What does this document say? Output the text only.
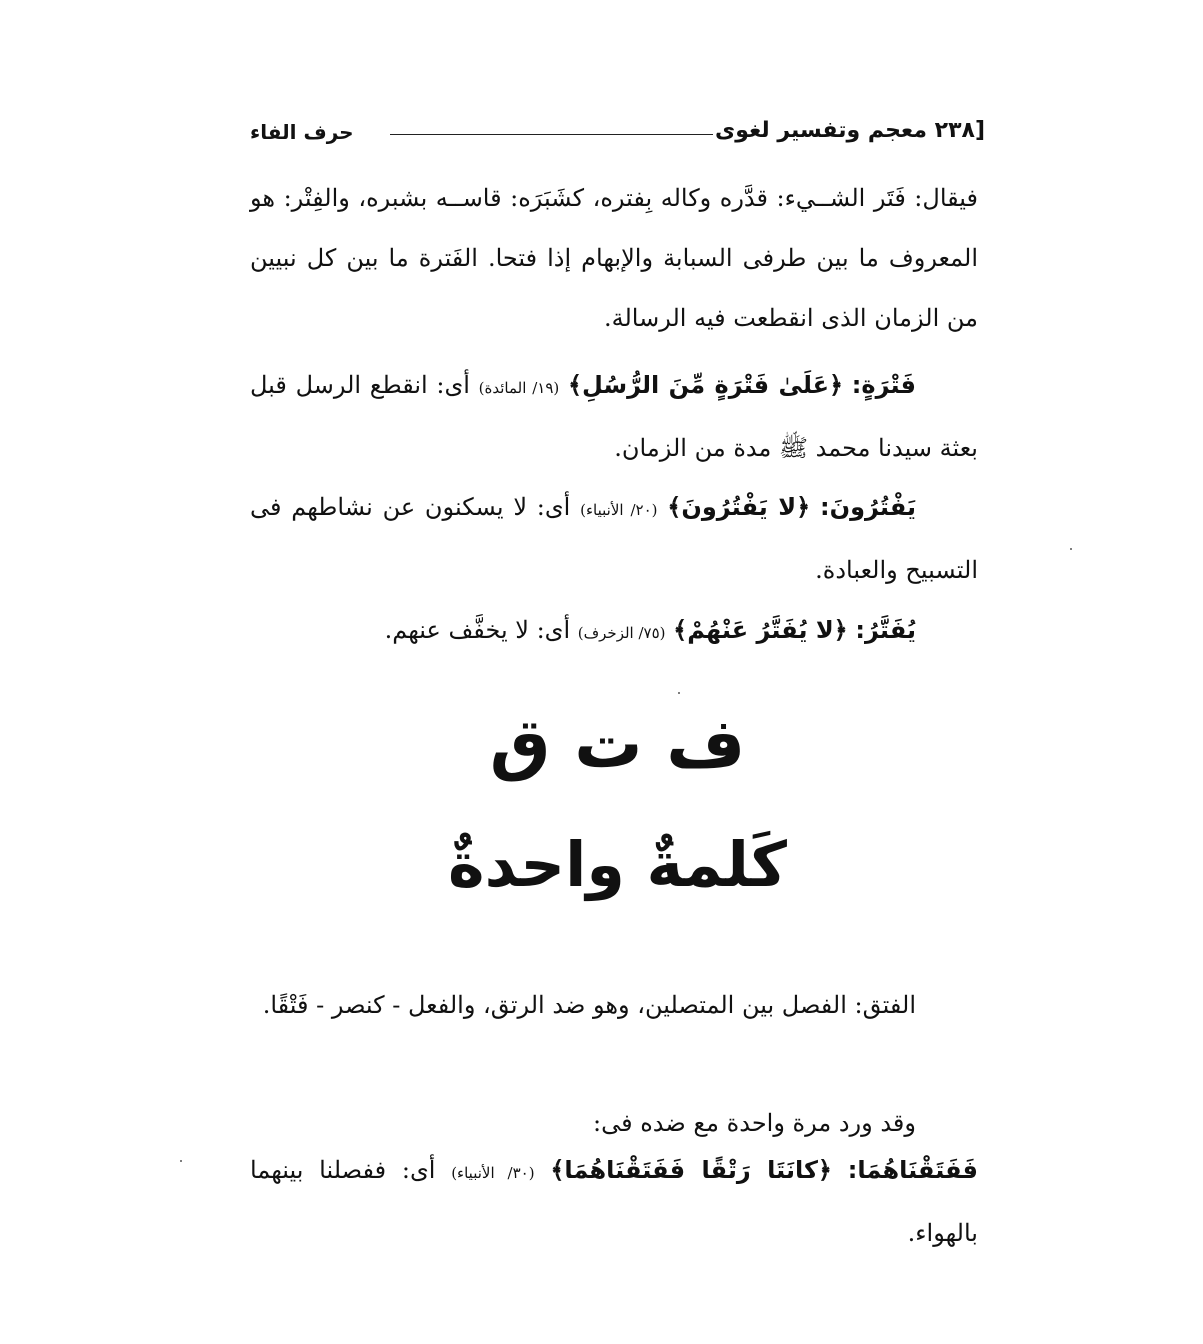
[٢٣٨ معجم وتفسير لغوى
حرف الفاء
فيقال: فَتَر الشــيء: قدَّره وكاله بِفتره، كشَبَرَه: قاســه بشبره، والفِتْر: هو المعروف ما بين طرفى السبابة والإبهام إذا فتحا. الفَترة ما بين كل نبيين من الزمان الذى انقطعت فيه الرسالة.
فَتْرَةٍ: ﴿عَلَىٰ فَتْرَةٍ مِّنَ الرُّسُلِ﴾ (١٩/ المائدة) أى: انقطع الرسل قبل بعثة سيدنا محمد ﷺ مدة من الزمان.
يَفْتُرُونَ: ﴿لا يَفْتُرُونَ﴾ (٢٠/ الأنبياء) أى: لا يسكنون عن نشاطهم فى التسبيح والعبادة.
يُفَتَّرُ: ﴿لا يُفَتَّرُ عَنْهُمْ﴾ (٧٥/ الزخرف) أى: لا يخفَّف عنهم.
ف ت ق
كَلمةٌ واحدةٌ
الفتق: الفصل بين المتصلين، وهو ضد الرتق، والفعل - كنصر - فَتْقًا.
وقد ورد مرة واحدة مع ضده فى:
فَفَتَقْنَاهُمَا: ﴿كانَتَا رَتْقًا فَفَتَقْنَاهُمَا﴾ (٣٠/ الأنبياء) أى: ففصلنا بينهما بالهواء.
